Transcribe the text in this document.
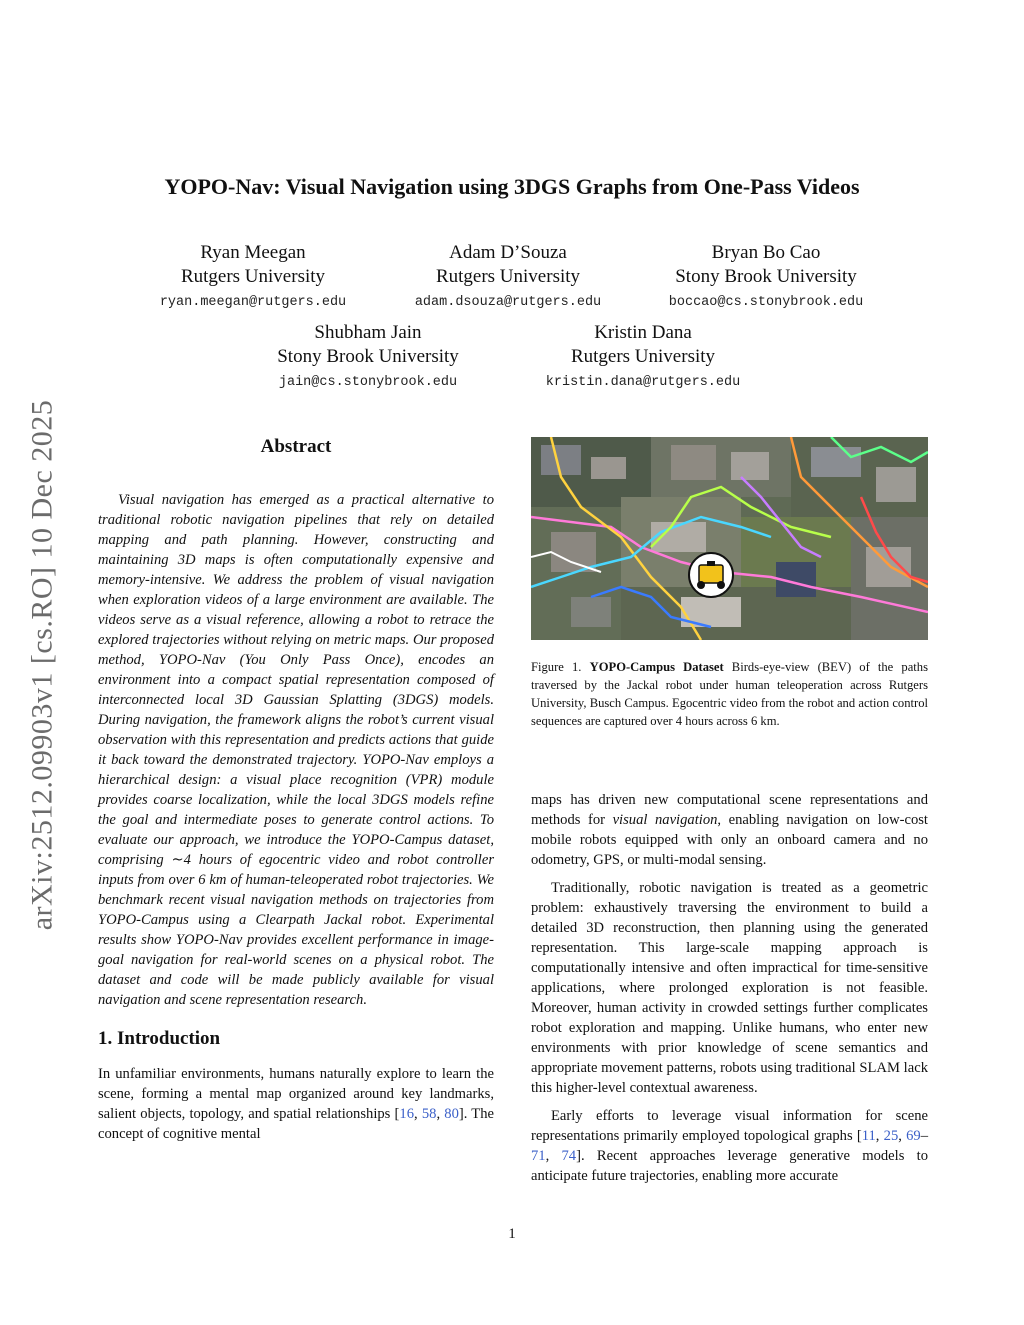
arXiv:2512.09903v1 [cs.RO] 10 Dec 2025
YOPO-Nav: Visual Navigation using 3DGS Graphs from One-Pass Videos
Ryan Meegan
Rutgers University
ryan.meegan@rutgers.edu
Adam D’Souza
Rutgers University
adam.dsouza@rutgers.edu
Bryan Bo Cao
Stony Brook University
boccao@cs.stonybrook.edu
Shubham Jain
Stony Brook University
jain@cs.stonybrook.edu
Kristin Dana
Rutgers University
kristin.dana@rutgers.edu
Abstract

Visual navigation has emerged as a practical alternative to traditional robotic navigation pipelines that rely on detailed mapping and path planning. However, constructing and maintaining 3D maps is often computationally expensive and memory-intensive. We address the problem of visual navigation when exploration videos of a large environment are available. The videos serve as a visual reference, allowing a robot to retrace the explored trajectories without relying on metric maps. Our proposed method, YOPO-Nav (You Only Pass Once), encodes an environment into a compact spatial representation composed of interconnected local 3D Gaussian Splatting (3DGS) models. During navigation, the framework aligns the robot’s current visual observation with this representation and predicts actions that guide it back toward the demonstrated trajectory. YOPO-Nav employs a hierarchical design: a visual place recognition (VPR) module provides coarse localization, while the local 3DGS models refine the goal and intermediate poses to generate control actions. To evaluate our approach, we introduce the YOPO-Campus dataset, comprising ∼4 hours of egocentric video and robot controller inputs from over 6 km of human-teleoperated robot trajectories. We benchmark recent visual navigation methods on trajectories from YOPO-Campus using a Clearpath Jackal robot. Experimental results show YOPO-Nav provides excellent performance in image-goal navigation for real-world scenes on a physical robot. The dataset and code will be made publicly available for visual navigation and scene representation research.

1. Introduction

In unfamiliar environments, humans naturally explore to learn the scene, forming a mental map organized around key landmarks, salient objects, topology, and spatial relationships [16, 58, 80]. The concept of cognitive mental

Figure 1. YOPO-Campus Dataset Birds-eye-view (BEV) of the paths traversed by the Jackal robot under human teleoperation across Rutgers University, Busch Campus. Egocentric video from the robot and action control sequences are captured over 4 hours across 6 km.

maps has driven new computational scene representations and methods for visual navigation, enabling navigation on low-cost mobile robots equipped with only an onboard camera and no odometry, GPS, or multi-modal sensing.

Traditionally, robotic navigation is treated as a geometric problem: exhaustively traversing the environment to build a detailed 3D reconstruction, then planning using the generated representation. This large-scale mapping approach is computationally intensive and often impractical for time-sensitive applications, where prolonged exploration is not feasible. Moreover, human activity in crowded settings further complicates robot exploration and mapping. Unlike humans, who enter new environments with prior knowledge of scene semantics and appropriate movement patterns, robots using traditional SLAM lack this higher-level contextual awareness.

Early efforts to leverage visual information for scene representations primarily employed topological graphs [11, 25, 69–71, 74]. Recent approaches leverage generative models to anticipate future trajectories, enabling more accurate

1
